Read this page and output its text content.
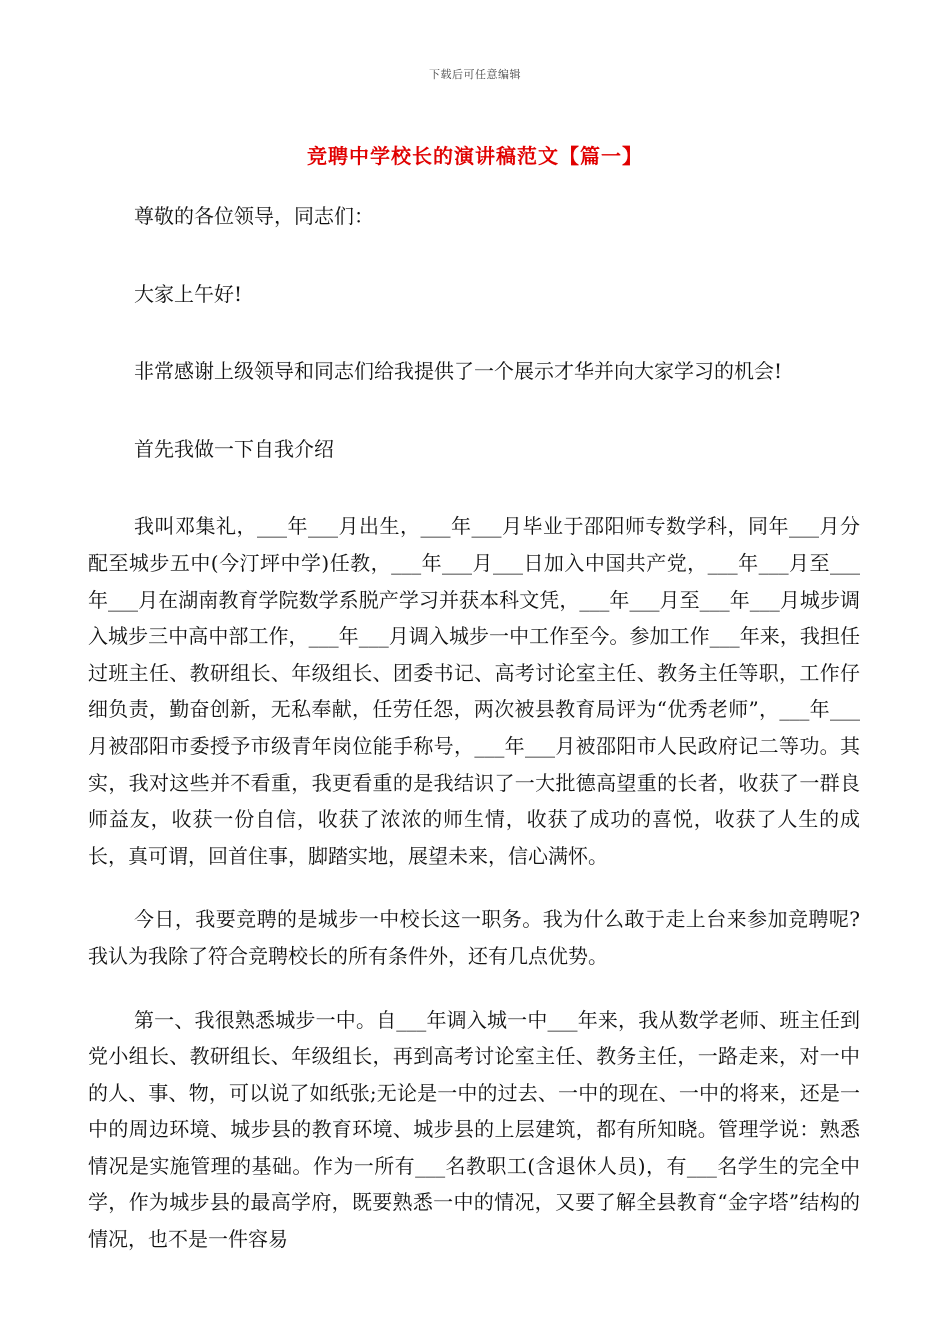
下载后可任意编辑
竞聘中学校长的演讲稿范文【篇一】

尊敬的各位领导，同志们：

大家上午好!

非常感谢上级领导和同志们给我提供了一个展示才华并向大家学习的机会!

首先我做一下自我介绍

我叫邓集礼，___年___月出生，___年___月毕业于邵阳师专数学科，同年___月分配至城步五中(今汀坪中学)任教，___年___月___日加入中国共产党，___年___月至___年___月在湖南教育学院数学系脱产学习并获本科文凭，___年___月至___年___月城步调入城步三中高中部工作，___年___月调入城步一中工作至今。参加工作___年来，我担任过班主任、教研组长、年级组长、团委书记、高考讨论室主任、教务主任等职，工作仔细负责，勤奋创新，无私奉献，任劳任怨，两次被县教育局评为“优秀老师”，___年___月被邵阳市委授予市级青年岗位能手称号，___年___月被邵阳市人民政府记二等功。其实，我对这些并不看重，我更看重的是我结识了一大批德高望重的长者，收获了一群良师益友，收获一份自信，收获了浓浓的师生情，收获了成功的喜悦，收获了人生的成长，真可谓，回首住事，脚踏实地，展望未来，信心满怀。

今日，我要竞聘的是城步一中校长这一职务。我为什么敢于走上台来参加竞聘呢?我认为我除了符合竞聘校长的所有条件外，还有几点优势。

第一、我很熟悉城步一中。自___年调入城一中___年来，我从数学老师、班主任到党小组长、教研组长、年级组长，再到高考讨论室主任、教务主任，一路走来，对一中的人、事、物，可以说了如纸张;无论是一中的过去、一中的现在、一中的将来，还是一中的周边环境、城步县的教育环境、城步县的上层建筑，都有所知晓。管理学说：熟悉情况是实施管理的基础。作为一所有___名教职工(含退休人员)，有___名学生的完全中学，作为城步县的最高学府，既要熟悉一中的情况，又要了解全县教育“金字塔”结构的情况，也不是一件容易
